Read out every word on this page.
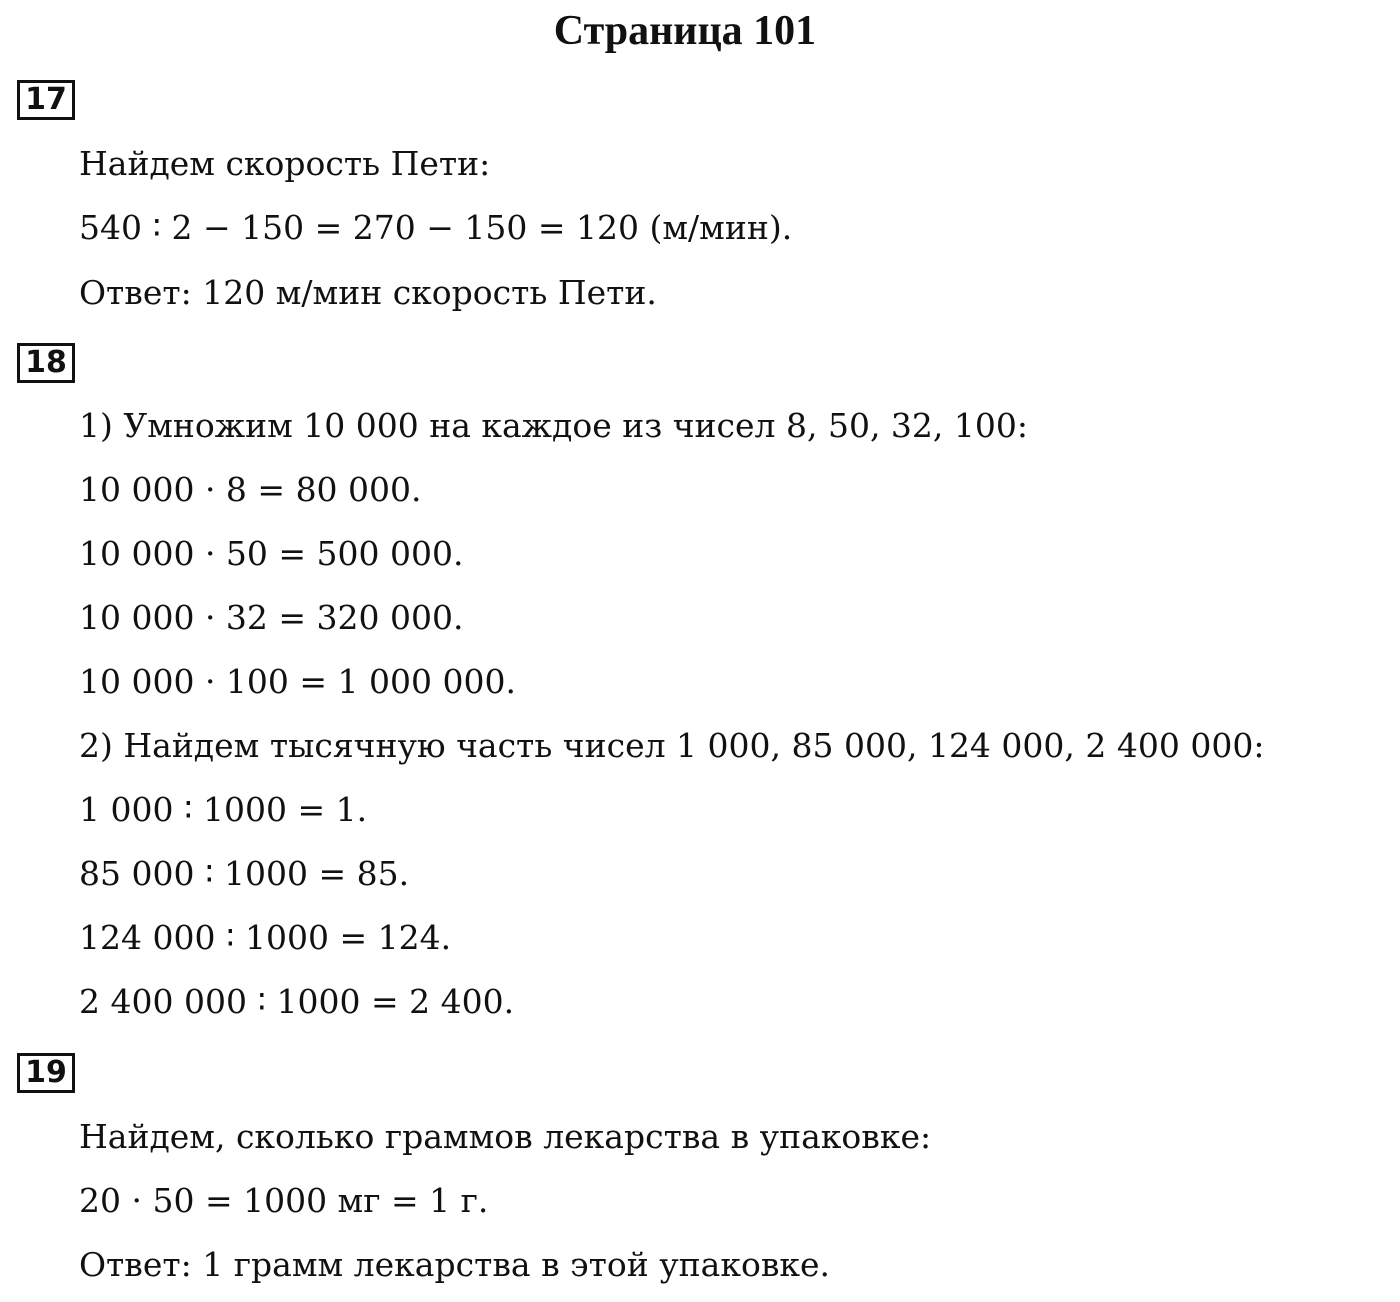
Страница 101
17
Найдем скорость Пети:
540 ∶ 2 − 150 = 270 − 150 = 120 (м/мин).
Ответ: 120 м/мин скорость Пети.
18
1) Умножим 10 000 на каждое из чисел 8, 50, 32, 100:
10 000 · 8 = 80 000.
10 000 · 50 = 500 000.
10 000 · 32 = 320 000.
10 000 · 100 = 1 000 000.
2) Найдем тысячную часть чисел 1 000, 85 000, 124 000, 2 400 000:
1 000 ∶ 1000 = 1.
85 000 ∶ 1000 = 85.
124 000 ∶ 1000 = 124.
2 400 000 ∶ 1000 = 2 400.
19
Найдем, сколько граммов лекарства в упаковке:
20 · 50 = 1000 мг = 1 г.
Ответ: 1 грамм лекарства в этой упаковке.
